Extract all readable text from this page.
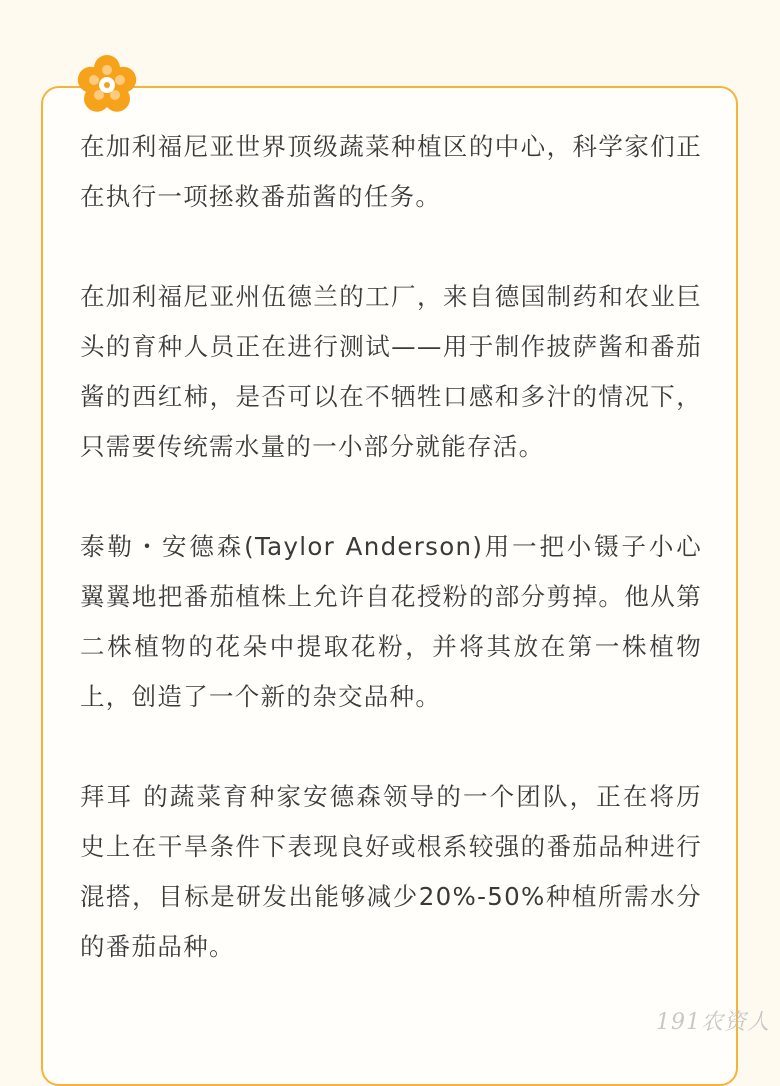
在加利福尼亚世界顶级蔬菜种植区的中心，科学家们正在执行一项拯救番茄酱的任务。

在加利福尼亚州伍德兰的工厂，来自德国制药和农业巨头的育种人员正在进行测试——用于制作披萨酱和番茄酱的西红柿，是否可以在不牺牲口感和多汁的情况下，只需要传统需水量的一小部分就能存活。

泰勒・安德森(Taylor Anderson)用一把小镊子小心翼翼地把番茄植株上允许自花授粉的部分剪掉。他从第二株植物的花朵中提取花粉，并将其放在第一株植物上，创造了一个新的杂交品种。

拜耳 的蔬菜育种家安德森领导的一个团队，正在将历史上在干旱条件下表现良好或根系较强的番茄品种进行混搭，目标是研发出能够减少20%-50%种植所需水分的番茄品种。

191农资人
